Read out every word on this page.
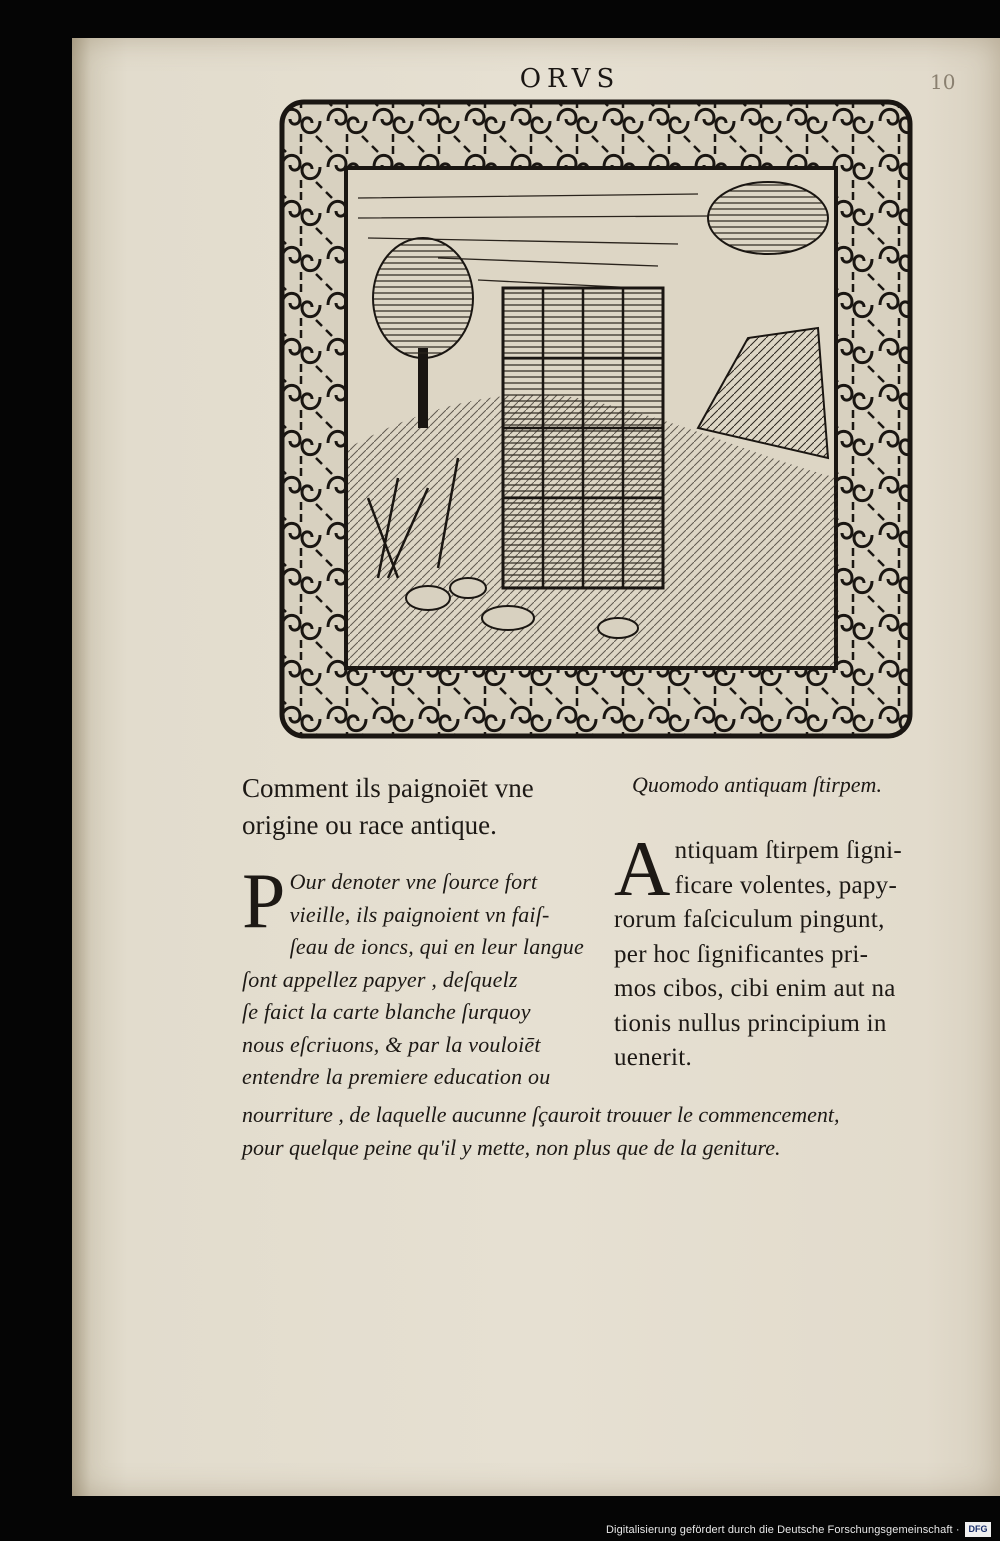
ORVS	10
Comment ils paignoiēt vne
origine ou race antique.
Quomodo antiquam ſtirpem.
P Our denoter vne ſource fort
vieille, ils paignoient vn faiſ-
ſeau de ioncs, qui en leur langue
ſont appellez papyer , deſquelz
ſe faict la carte blanche ſurquoy
nous eſcriuons, & par la vouloiēt
entendre la premiere education ou
nourriture , de laquelle aucunne ſçauroit trouuer le commencement,
pour quelque peine qu'il y mette, non plus que de la geniture.
A ntiquam ſtirpem ſigni-
ficare volentes, papy-
rorum faſciculum pingunt,
per hoc ſignificantes pri-
mos cibos, cibi enim aut na
tionis nullus principium in
uenerit.
Digitalisierung gefördert durch die Deutsche Forschungsgemeinschaft · DFG
